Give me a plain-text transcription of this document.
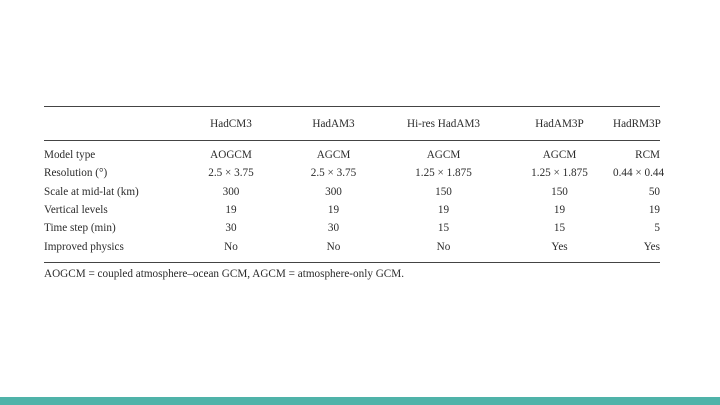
	HadCM3	HadAM3	Hi-res HadAM3	HadAM3P	HadRM3P
Model type	AOGCM	AGCM	AGCM	AGCM	RCM
Resolution (°)	2.5 × 3.75	2.5 × 3.75	1.25 × 1.875	1.25 × 1.875	0.44 × 0.44
Scale at mid-lat (km)	300	300	150	150	50
Vertical levels	19	19	19	19	19
Time step (min)	30	30	15	15	5
Improved physics	No	No	No	Yes	Yes
AOGCM = coupled atmosphere–ocean GCM, AGCM = atmosphere-only GCM.
